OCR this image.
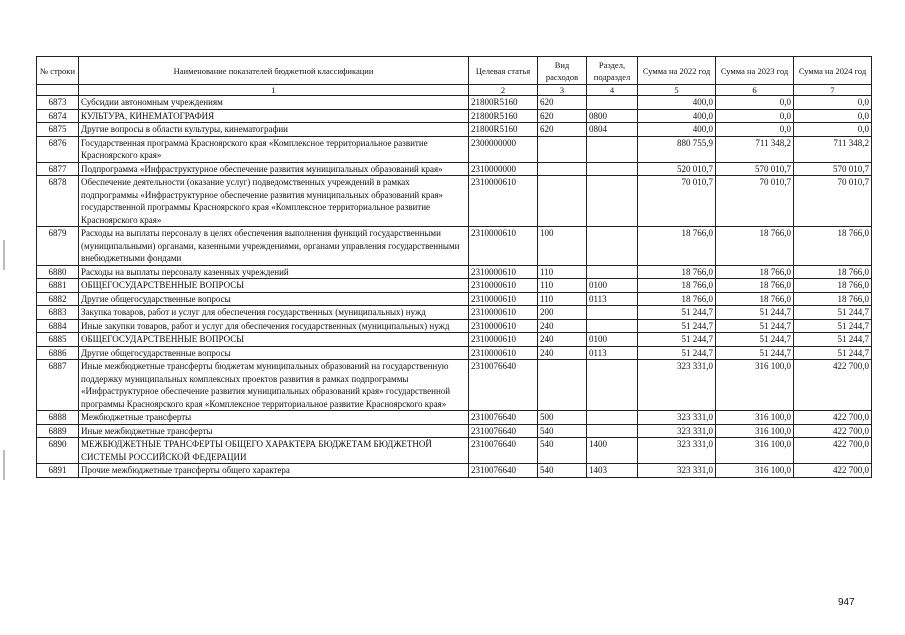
№ строки	Наименование показателей бюджетной классификации	Целевая статья	Вид расходов	Раздел, подраздел	Сумма на 2022 год	Сумма на 2023 год	Сумма на 2024 год
	1	2	3	4	5	6	7
6873	Субсидии автономным учреждениям	21800R5160	620		400,0	0,0	0,0
6874	КУЛЬТУРА, КИНЕМАТОГРАФИЯ	21800R5160	620	0800	400,0	0,0	0,0
6875	Другие вопросы в области культуры, кинематографии	21800R5160	620	0804	400,0	0,0	0,0
6876	Государственная программа Красноярского края «Комплексное территориальное развитие Красноярского края»	2300000000			880 755,9	711 348,2	711 348,2
6877	Подпрограмма «Инфраструктурное обеспечение развития муниципальных образований края»	2310000000			520 010,7	570 010,7	570 010,7
6878	Обеспечение деятельности (оказание услуг) подведомственных учреждений в рамках подпрограммы «Инфраструктурное обеспечение развития муниципальных образований края» государственной программы Красноярского края «Комплексное территориальное развитие Красноярского края»	2310000610			70 010,7	70 010,7	70 010,7
6879	Расходы на выплаты персоналу в целях обеспечения выполнения функций государственными (муниципальными) органами, казенными учреждениями, органами управления государственными внебюджетными фондами	2310000610	100		18 766,0	18 766,0	18 766,0
6880	Расходы на выплаты персоналу казенных учреждений	2310000610	110		18 766,0	18 766,0	18 766,0
6881	ОБЩЕГОСУДАРСТВЕННЫЕ ВОПРОСЫ	2310000610	110	0100	18 766,0	18 766,0	18 766,0
6882	Другие общегосударственные вопросы	2310000610	110	0113	18 766,0	18 766,0	18 766,0
6883	Закупка товаров, работ и услуг для обеспечения государственных (муниципальных) нужд	2310000610	200		51 244,7	51 244,7	51 244,7
6884	Иные закупки товаров, работ и услуг для обеспечения государственных (муниципальных) нужд	2310000610	240		51 244,7	51 244,7	51 244,7
6885	ОБЩЕГОСУДАРСТВЕННЫЕ ВОПРОСЫ	2310000610	240	0100	51 244,7	51 244,7	51 244,7
6886	Другие общегосударственные вопросы	2310000610	240	0113	51 244,7	51 244,7	51 244,7
6887	Иные межбюджетные трансферты бюджетам муниципальных образований на государственную поддержку муниципальных комплексных проектов развития в рамках подпрограммы «Инфраструктурное обеспечение развития муниципальных образований края» государственной программы Красноярского края «Комплексное территориальное развитие Красноярского края»	2310076640			323 331,0	316 100,0	422 700,0
6888	Межбюджетные трансферты	2310076640	500		323 331,0	316 100,0	422 700,0
6889	Иные межбюджетные трансферты	2310076640	540		323 331,0	316 100,0	422 700,0
6890	МЕЖБЮДЖЕТНЫЕ ТРАНСФЕРТЫ ОБЩЕГО ХАРАКТЕРА БЮДЖЕТАМ БЮДЖЕТНОЙ СИСТЕМЫ РОССИЙСКОЙ ФЕДЕРАЦИИ	2310076640	540	1400	323 331,0	316 100,0	422 700,0
6891	Прочие межбюджетные трансферты общего характера	2310076640	540	1403	323 331,0	316 100,0	422 700,0
947
